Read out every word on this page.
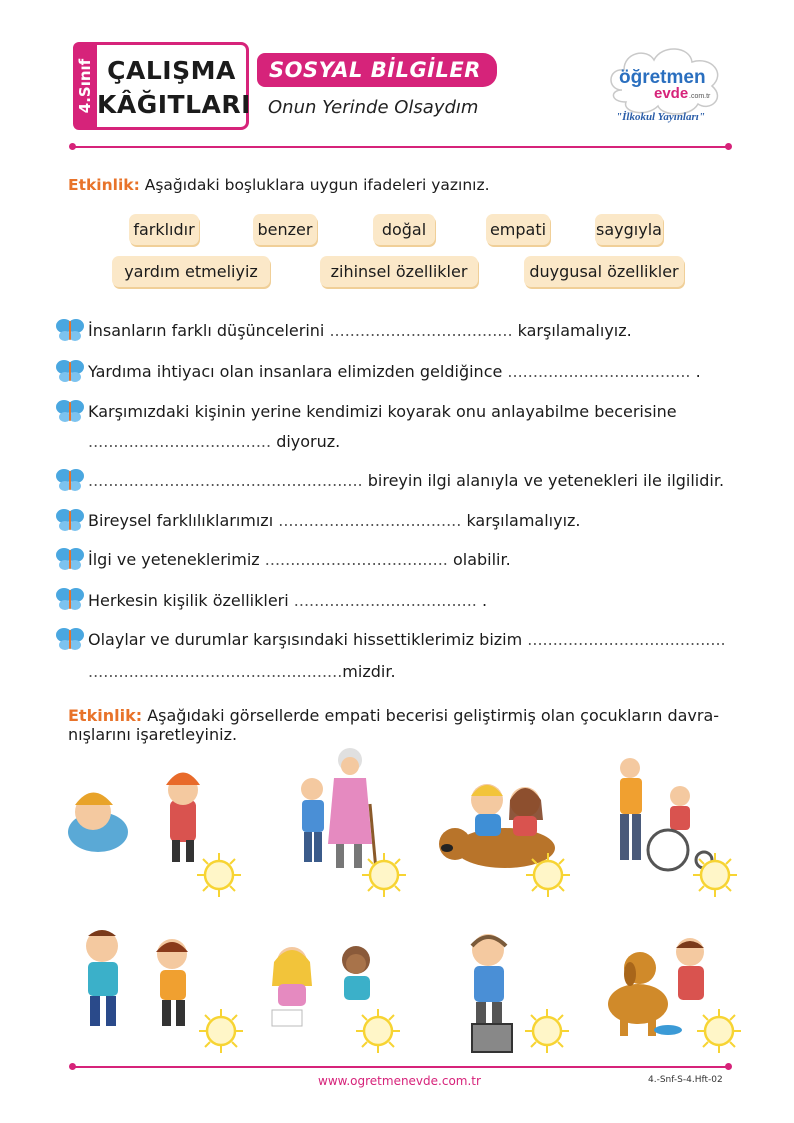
4.Sınıf ÇALIŞMA
KÂĞITLARI
SOSYAL BİLGİLER
Onun Yerinde Olsaydım
öğretmen
evde .com.tr
"İlkokul Yayınları"
Etkinlik: Aşağıdaki boşluklara uygun ifadeleri yazınız.
farklıdır	benzer	doğal	empati	saygıyla
yardım etmeliyiz	zihinsel özellikler	duygusal özellikler
İnsanların farklı düşüncelerini .................................... karşılamalıyız.
Yardıma ihtiyacı olan insanlara elimizden geldiğince .................................... .
Karşımızdaki kişinin yerine kendimizi koyarak onu anlayabilme becerisine
.................................... diyoruz.
...................................................... bireyin ilgi alanıyla ve yetenekleri ile ilgilidir.
Bireysel farklılıklarımızı .................................... karşılamalıyız.
İlgi ve yeteneklerimiz .................................... olabilir.
Herkesin kişilik özellikleri .................................... .
Olaylar ve durumlar karşısındaki hissettiklerimiz bizim .......................................
..................................................mizdir.
Etkinlik: Aşağıdaki görsellerde empati becerisi geliştirmiş olan çocukların davra-
nışlarını işaretleyiniz.
www.ogretmenevde.com.tr	4.-Snf-S-4.Hft-02
